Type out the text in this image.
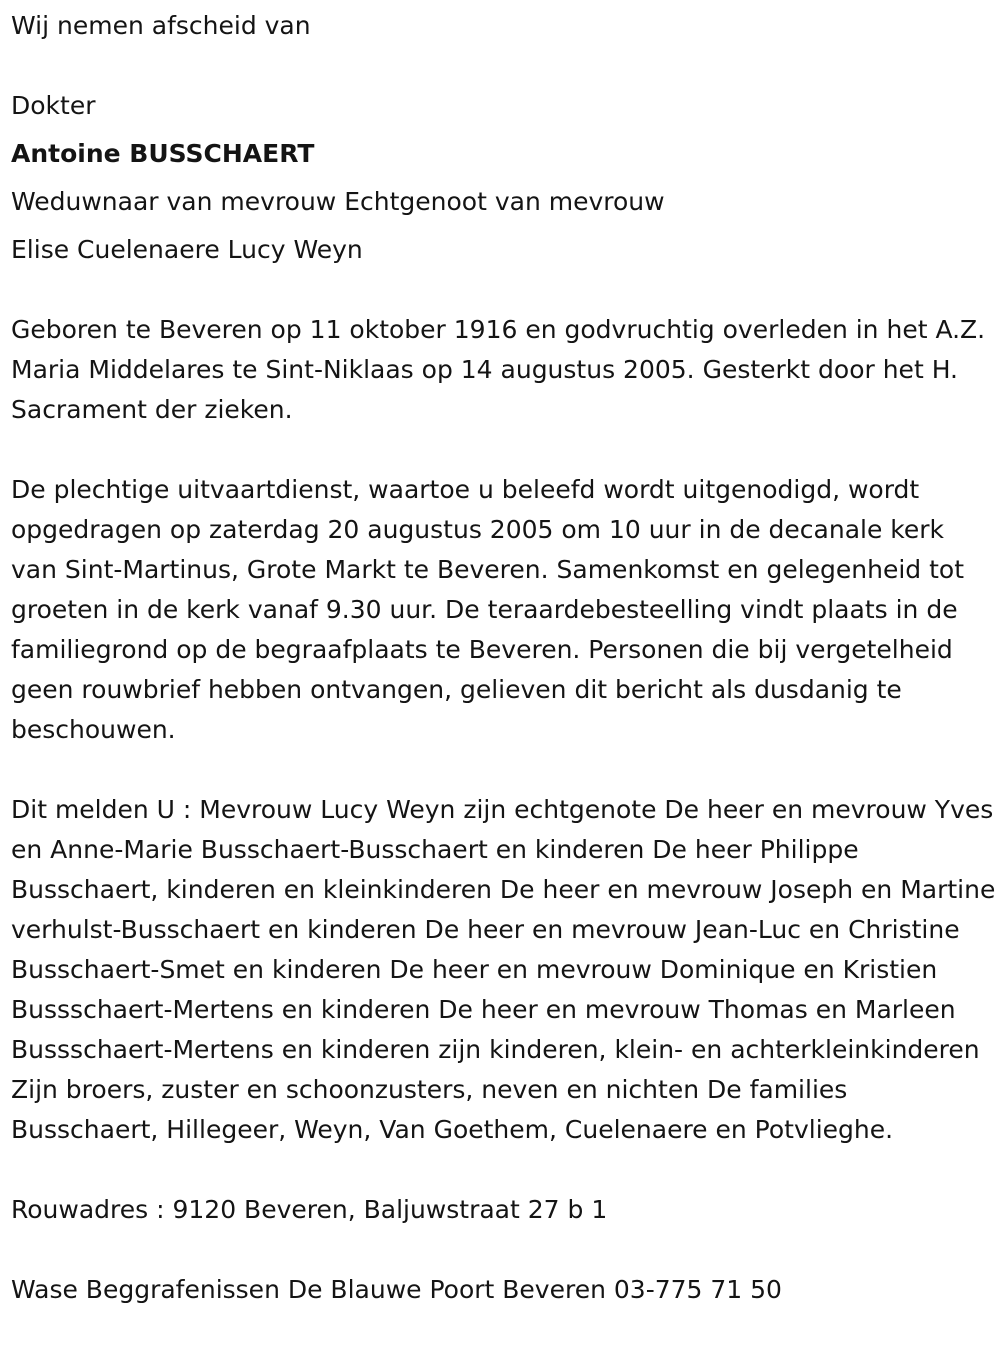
Wij nemen afscheid van
Dokter
Antoine BUSSCHAERT
Weduwnaar van mevrouw Echtgenoot van mevrouw
Elise Cuelenaere Lucy Weyn
Geboren te Beveren op 11 oktober 1916 en godvruchtig overleden in het A.Z. Maria Middelares te Sint-Niklaas op 14 augustus 2005. Gesterkt door het H. Sacrament der zieken.
De plechtige uitvaartdienst, waartoe u beleefd wordt uitgenodigd, wordt opgedragen op zaterdag 20 augustus 2005 om 10 uur in de decanale kerk van Sint-Martinus, Grote Markt te Beveren. Samenkomst en gelegenheid tot groeten in de kerk vanaf 9.30 uur. De teraardebesteelling vindt plaats in de familiegrond op de begraafplaats te Beveren. Personen die bij vergetelheid geen rouwbrief hebben ontvangen, gelieven dit bericht als dusdanig te beschouwen.
Dit melden U : Mevrouw Lucy Weyn zijn echtgenote De heer en mevrouw Yves en Anne-Marie Busschaert-Busschaert en kinderen De heer Philippe Busschaert, kinderen en kleinkinderen De heer en mevrouw Joseph en Martine verhulst-Busschaert en kinderen De heer en mevrouw Jean-Luc en Christine Busschaert-Smet en kinderen De heer en mevrouw Dominique en Kristien Bussschaert-Mertens en kinderen De heer en mevrouw Thomas en Marleen Bussschaert-Mertens en kinderen zijn kinderen, klein- en achterkleinkinderen Zijn broers, zuster en schoonzusters, neven en nichten De families Busschaert, Hillegeer, Weyn, Van Goethem, Cuelenaere en Potvlieghe.
Rouwadres : 9120 Beveren, Baljuwstraat 27 b 1
Wase Beggrafenissen De Blauwe Poort Beveren 03-775 71 50
